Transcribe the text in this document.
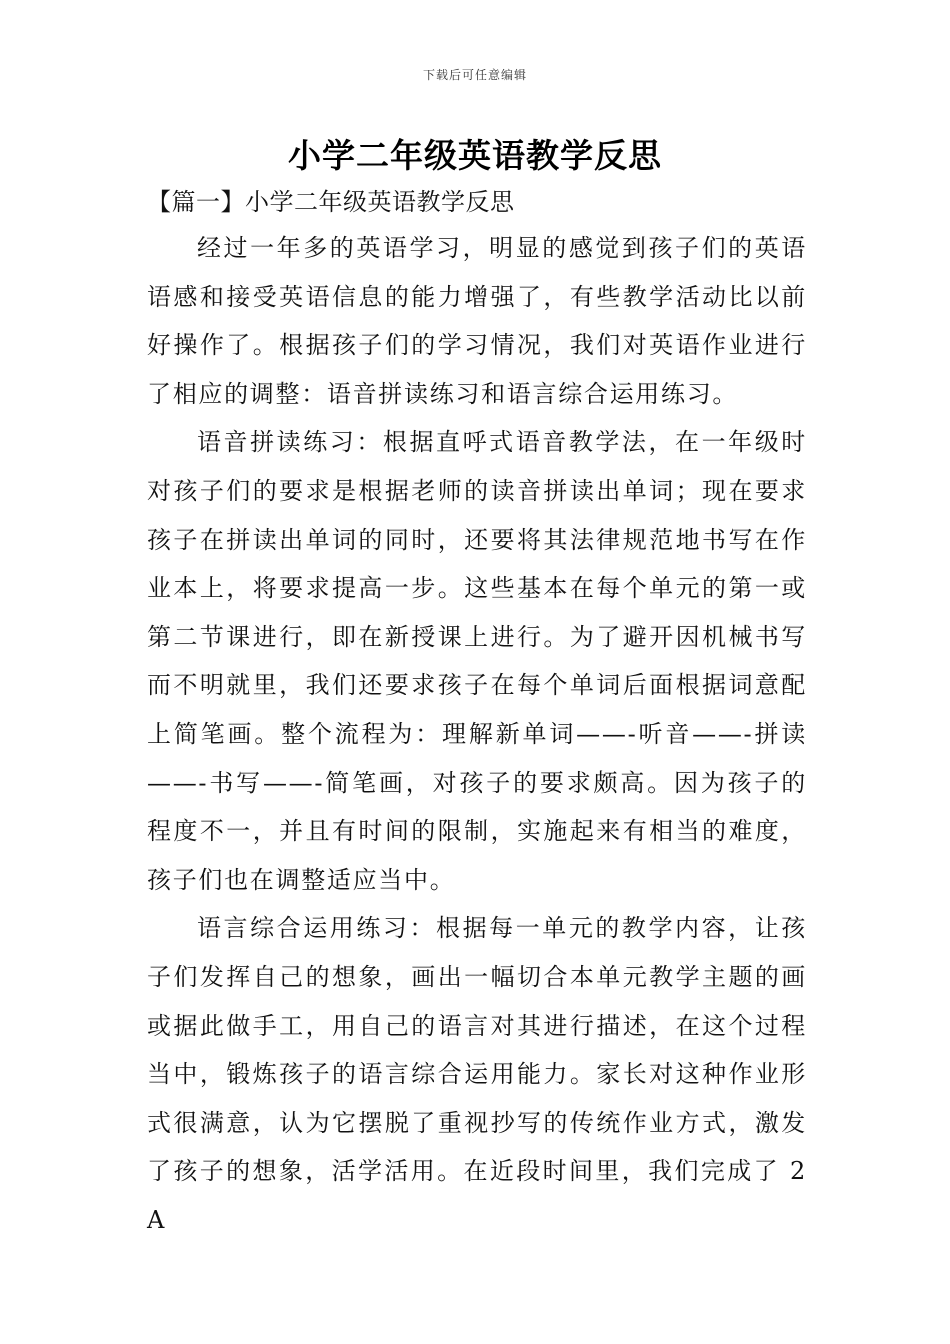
下载后可任意编辑
小学二年级英语教学反思
【篇一】小学二年级英语教学反思

经过一年多的英语学习，明显的感觉到孩子们的英语语感和接受英语信息的能力增强了，有些教学活动比以前好操作了。根据孩子们的学习情况，我们对英语作业进行了相应的调整：语音拼读练习和语言综合运用练习。

语音拼读练习：根据直呼式语音教学法，在一年级时对孩子们的要求是根据老师的读音拼读出单词；现在要求孩子在拼读出单词的同时，还要将其法律规范地书写在作业本上，将要求提高一步。这些基本在每个单元的第一或第二节课进行，即在新授课上进行。为了避开因机械书写而不明就里，我们还要求孩子在每个单词后面根据词意配上简笔画。整个流程为：理解新单词——-听音——-拼读——-书写——-简笔画，对孩子的要求颇高。因为孩子的程度不一，并且有时间的限制，实施起来有相当的难度，孩子们也在调整适应当中。

语言综合运用练习：根据每一单元的教学内容，让孩子们发挥自己的想象，画出一幅切合本单元教学主题的画或据此做手工，用自己的语言对其进行描述，在这个过程当中，锻炼孩子的语言综合运用能力。家长对这种作业形式很满意，认为它摆脱了重视抄写的传统作业方式，激发了孩子的想象，活学活用。在近段时间里，我们完成了 2A
